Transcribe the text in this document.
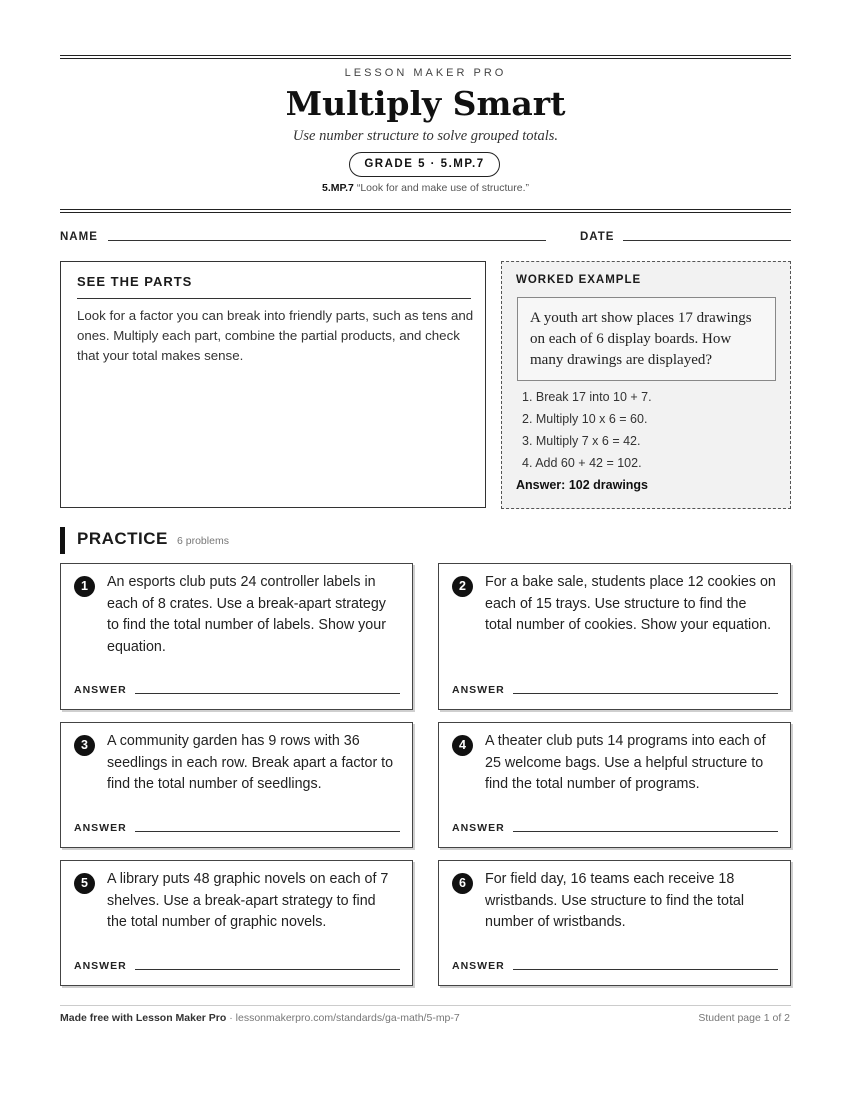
LESSON MAKER PRO
Multiply Smart
Use number structure to solve grouped totals.
GRADE 5 · 5.MP.7
5.MP.7 “Look for and make use of structure.”
NAME	DATE
SEE THE PARTS
Look for a factor you can break into friendly parts, such as tens and ones. Multiply each part, combine the partial products, and check that your total makes sense.
WORKED EXAMPLE
A youth art show places 17 drawings on each of 6 display boards. How many drawings are displayed?
1. Break 17 into 10 + 7.
2. Multiply 10 x 6 = 60.
3. Multiply 7 x 6 = 42.
4. Add 60 + 42 = 102.
Answer: 102 drawings
PRACTICE 6 problems
1	An esports club puts 24 controller labels in each of 8 crates. Use a break-apart strategy to find the total number of labels. Show your equation.
ANSWER
2	For a bake sale, students place 12 cookies on each of 15 trays. Use structure to find the total number of cookies. Show your equation.
ANSWER
3	A community garden has 9 rows with 36 seedlings in each row. Break apart a factor to find the total number of seedlings.
ANSWER
4	A theater club puts 14 programs into each of 25 welcome bags. Use a helpful structure to find the total number of programs.
ANSWER
5	A library puts 48 graphic novels on each of 7 shelves. Use a break-apart strategy to find the total number of graphic novels.
ANSWER
6	For field day, 16 teams each receive 18 wristbands. Use structure to find the total number of wristbands.
ANSWER
Made free with Lesson Maker Pro · lessonmakerpro.com/standards/ga-math/5-mp-7	Student page 1 of 2
